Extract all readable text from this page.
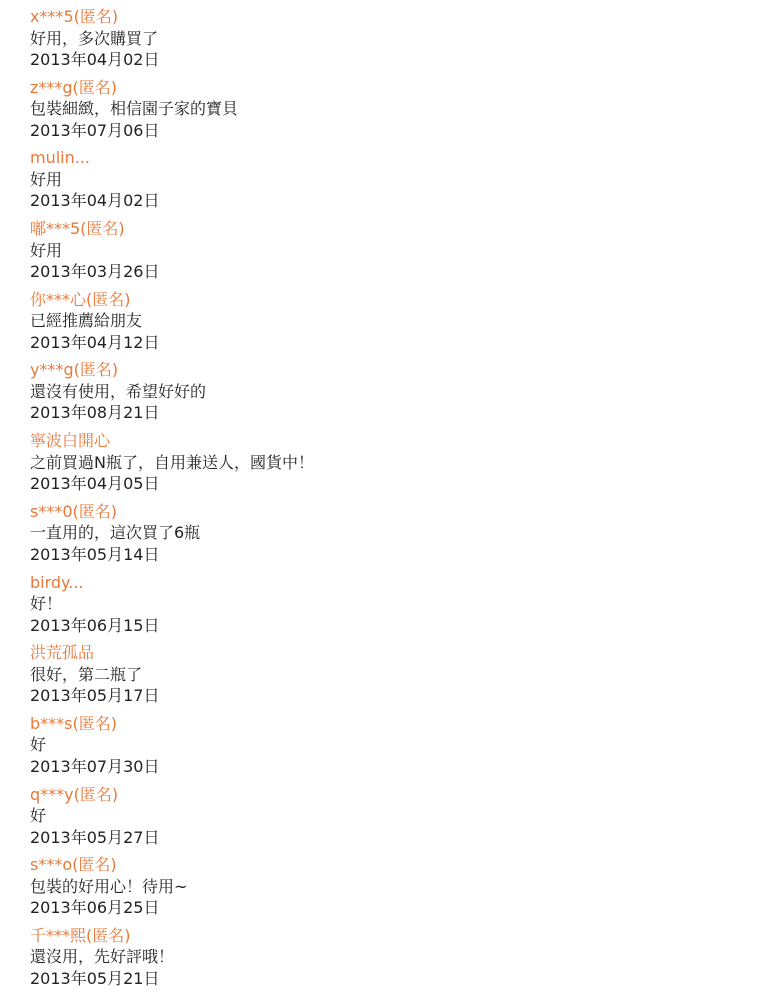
x***5(匿名)
好用，多次購買了
2013年04月02日
z***g(匿名)
包裝細緻，相信園子家的寶貝
2013年07月06日
mulin...
好用
2013年04月02日
嘟***5(匿名)
好用
2013年03月26日
你***心(匿名)
已經推薦給朋友
2013年04月12日
y***g(匿名)
還沒有使用，希望好好的
2013年08月21日
寧波白開心
之前買過N瓶了，自用兼送人，國貨中！
2013年04月05日
s***0(匿名)
一直用的，這次買了6瓶
2013年05月14日
birdy...
好！
2013年06月15日
洪荒孤品
很好，第二瓶了
2013年05月17日
b***s(匿名)
好
2013年07月30日
q***y(匿名)
好
2013年05月27日
s***o(匿名)
包裝的好用心！待用~
2013年06月25日
千***熙(匿名)
還沒用，先好評哦！
2013年05月21日
